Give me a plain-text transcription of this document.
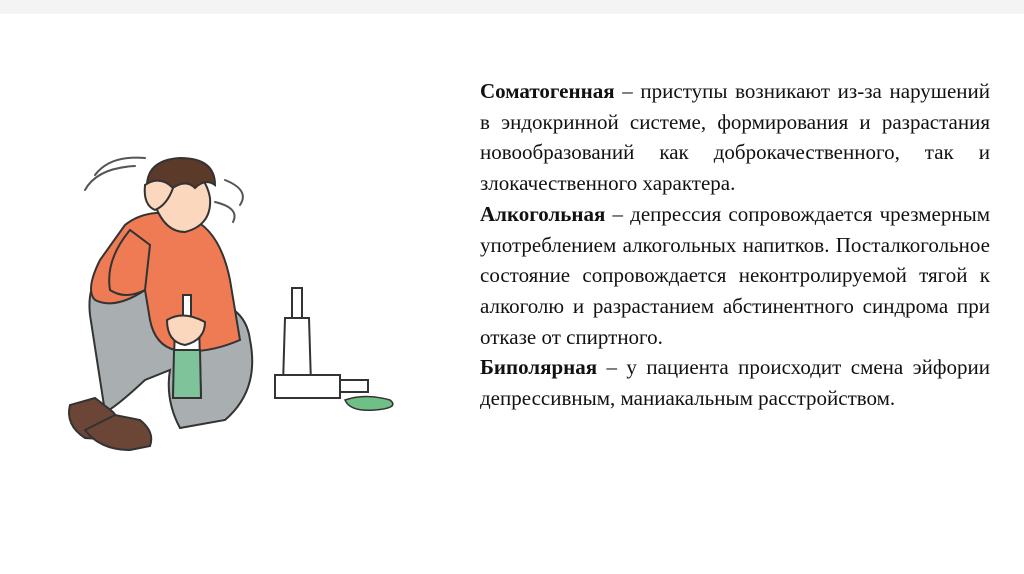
Соматогенная – приступы возникают из-за нарушений в эндокринной системе, формирования и разрастания новообразований как доброкачественного, так и злокачественного характера.

Алкогольная – депрессия сопровождается чрезмерным употреблением алкогольных напитков. Посталкогольное состояние сопровождается неконтролируемой тягой к алкоголю и разрастанием абстинентного синдрома при отказе от спиртного.

Биполярная – у пациента происходит смена эйфории депрессивным, маниакальным расстройством.
